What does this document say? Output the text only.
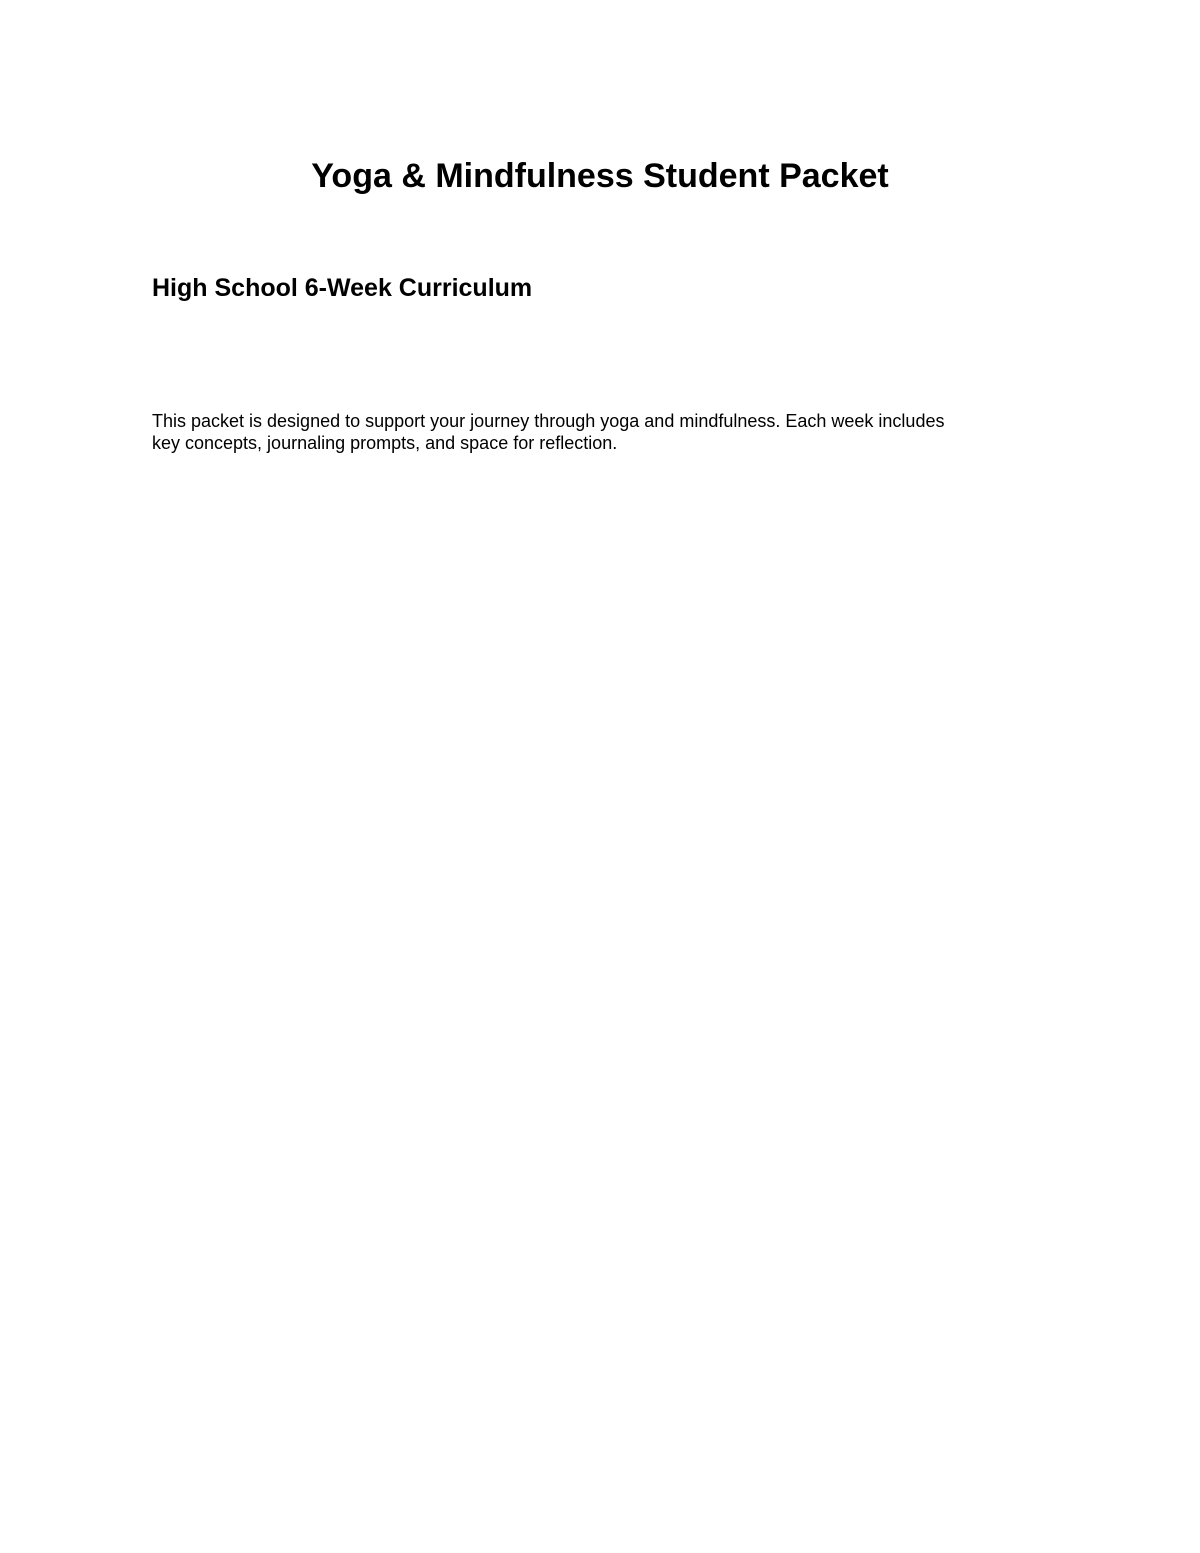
Yoga & Mindfulness Student Packet
High School 6-Week Curriculum

This packet is designed to support your journey through yoga and mindfulness. Each week includes
key concepts, journaling prompts, and space for reflection.
